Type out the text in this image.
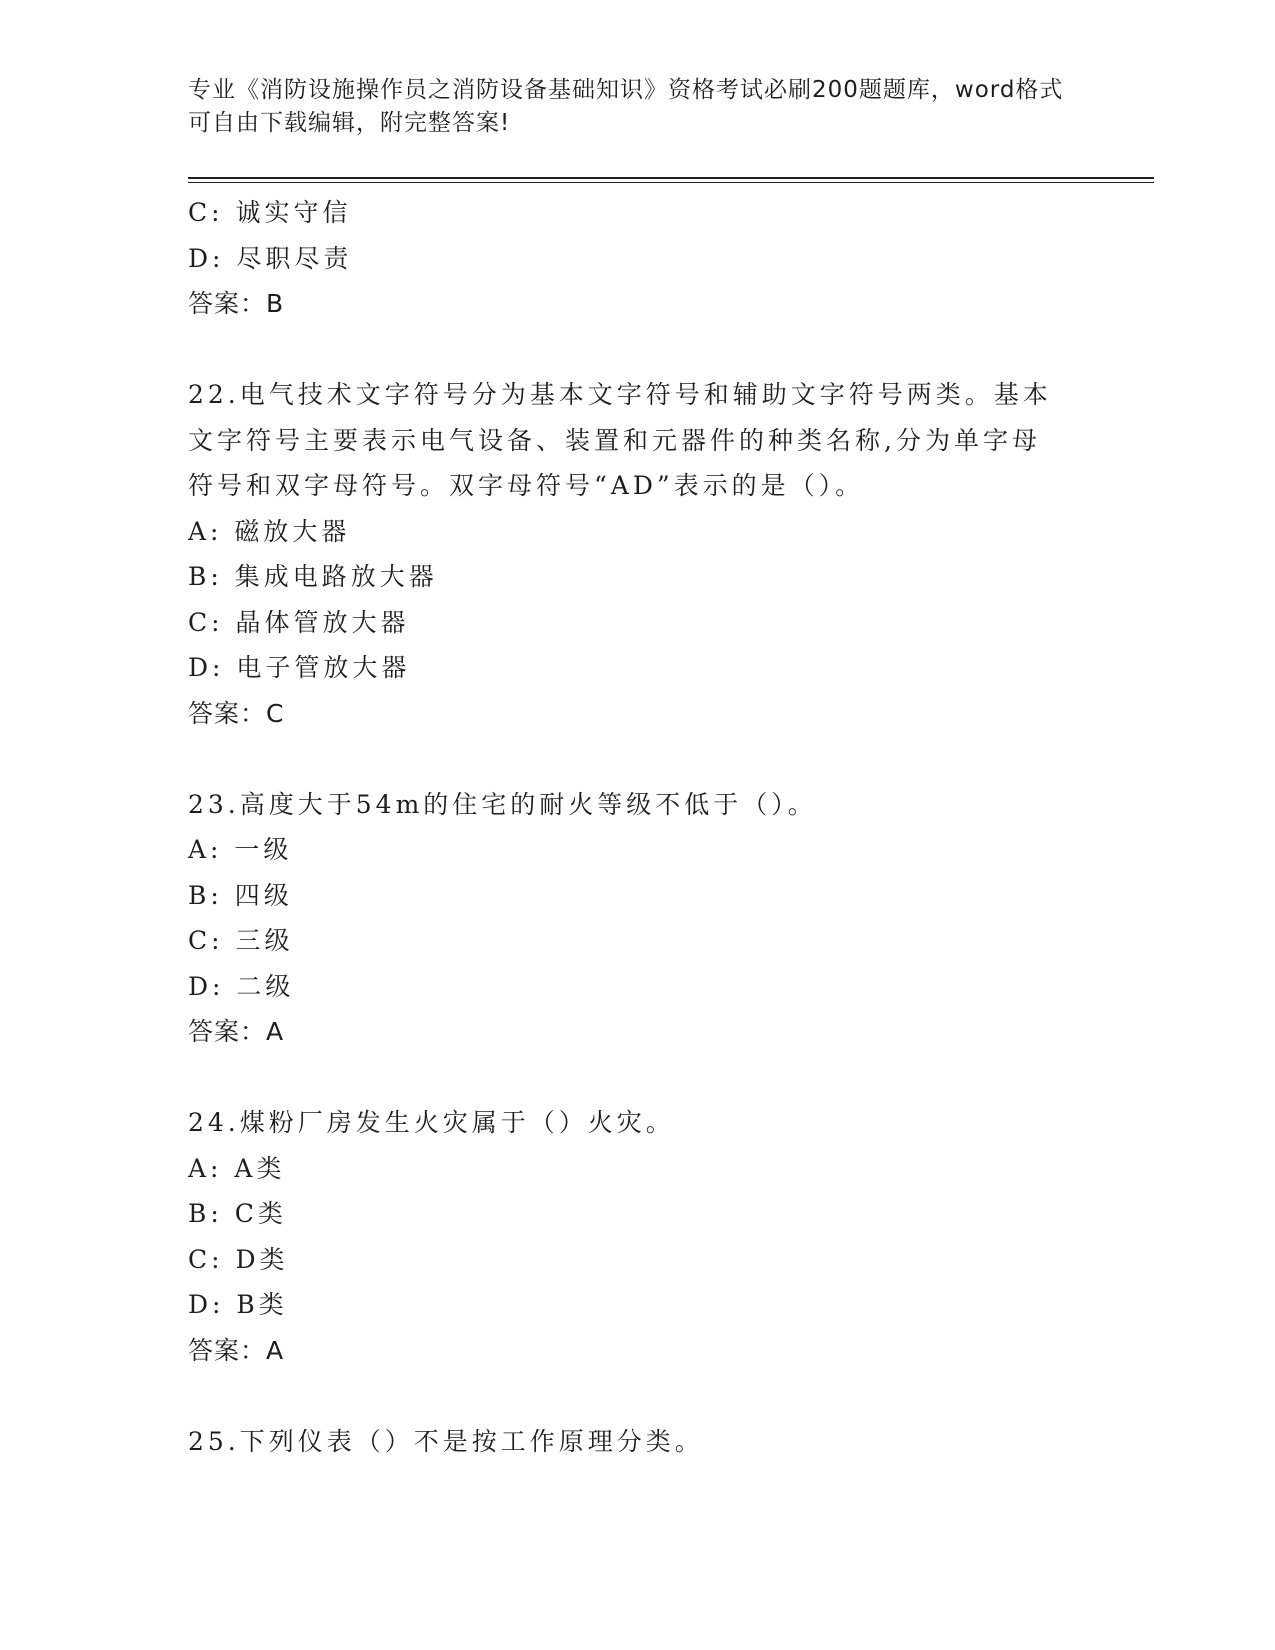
专业《消防设施操作员之消防设备基础知识》资格考试必刷200题题库，word格式可自由下载编辑，附完整答案!
C: 诚实守信
D: 尽职尽责
答案：B
22.电气技术文字符号分为基本文字符号和辅助文字符号两类。基本文字符号主要表示电气设备、装置和元器件的种类名称,分为单字母符号和双字母符号。双字母符号“AD”表示的是（）。
A: 磁放大器
B: 集成电路放大器
C: 晶体管放大器
D: 电子管放大器
答案：C
23.高度大于54m的住宅的耐火等级不低于（）。
A: 一级
B: 四级
C: 三级
D: 二级
答案：A
24.煤粉厂房发生火灾属于（）火灾。
A: A类
B: C类
C: D类
D: B类
答案：A
25.下列仪表（）不是按工作原理分类。
